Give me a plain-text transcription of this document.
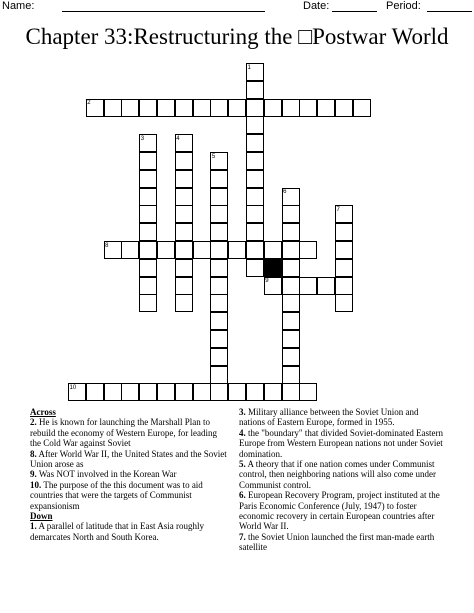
Name:	Date:	Period:
Chapter 33:Restructuring the □Postwar World
1
2
3	4
5
6
7
8
9
10
Across
2. He is known for launching the Marshall Plan to rebuild the economy of Western Europe, for leading the Cold War against Soviet
8. After World War II, the United States and the Soviet Union arose as
9. Was NOT involved in the Korean War
10. The purpose of the this document was to aid countries that were the targets of Communist expansionism
Down
1. A parallel of latitude that in East Asia roughly demarcates North and South Korea.
3. Military alliance between the Soviet Union and nations of Eastern Europe, formed in 1955.
4. the "boundary" that divided Soviet-dominated Eastern Europe from Western European nations not under Soviet domination.
5. A theory that if one nation comes under Communist control, then neighboring nations will also come under Communist control.
6. European Recovery Program, project instituted at the Paris Economic Conference (July, 1947) to foster economic recovery in certain European countries after World War II.
7. the Soviet Union launched the first man-made earth satellite
